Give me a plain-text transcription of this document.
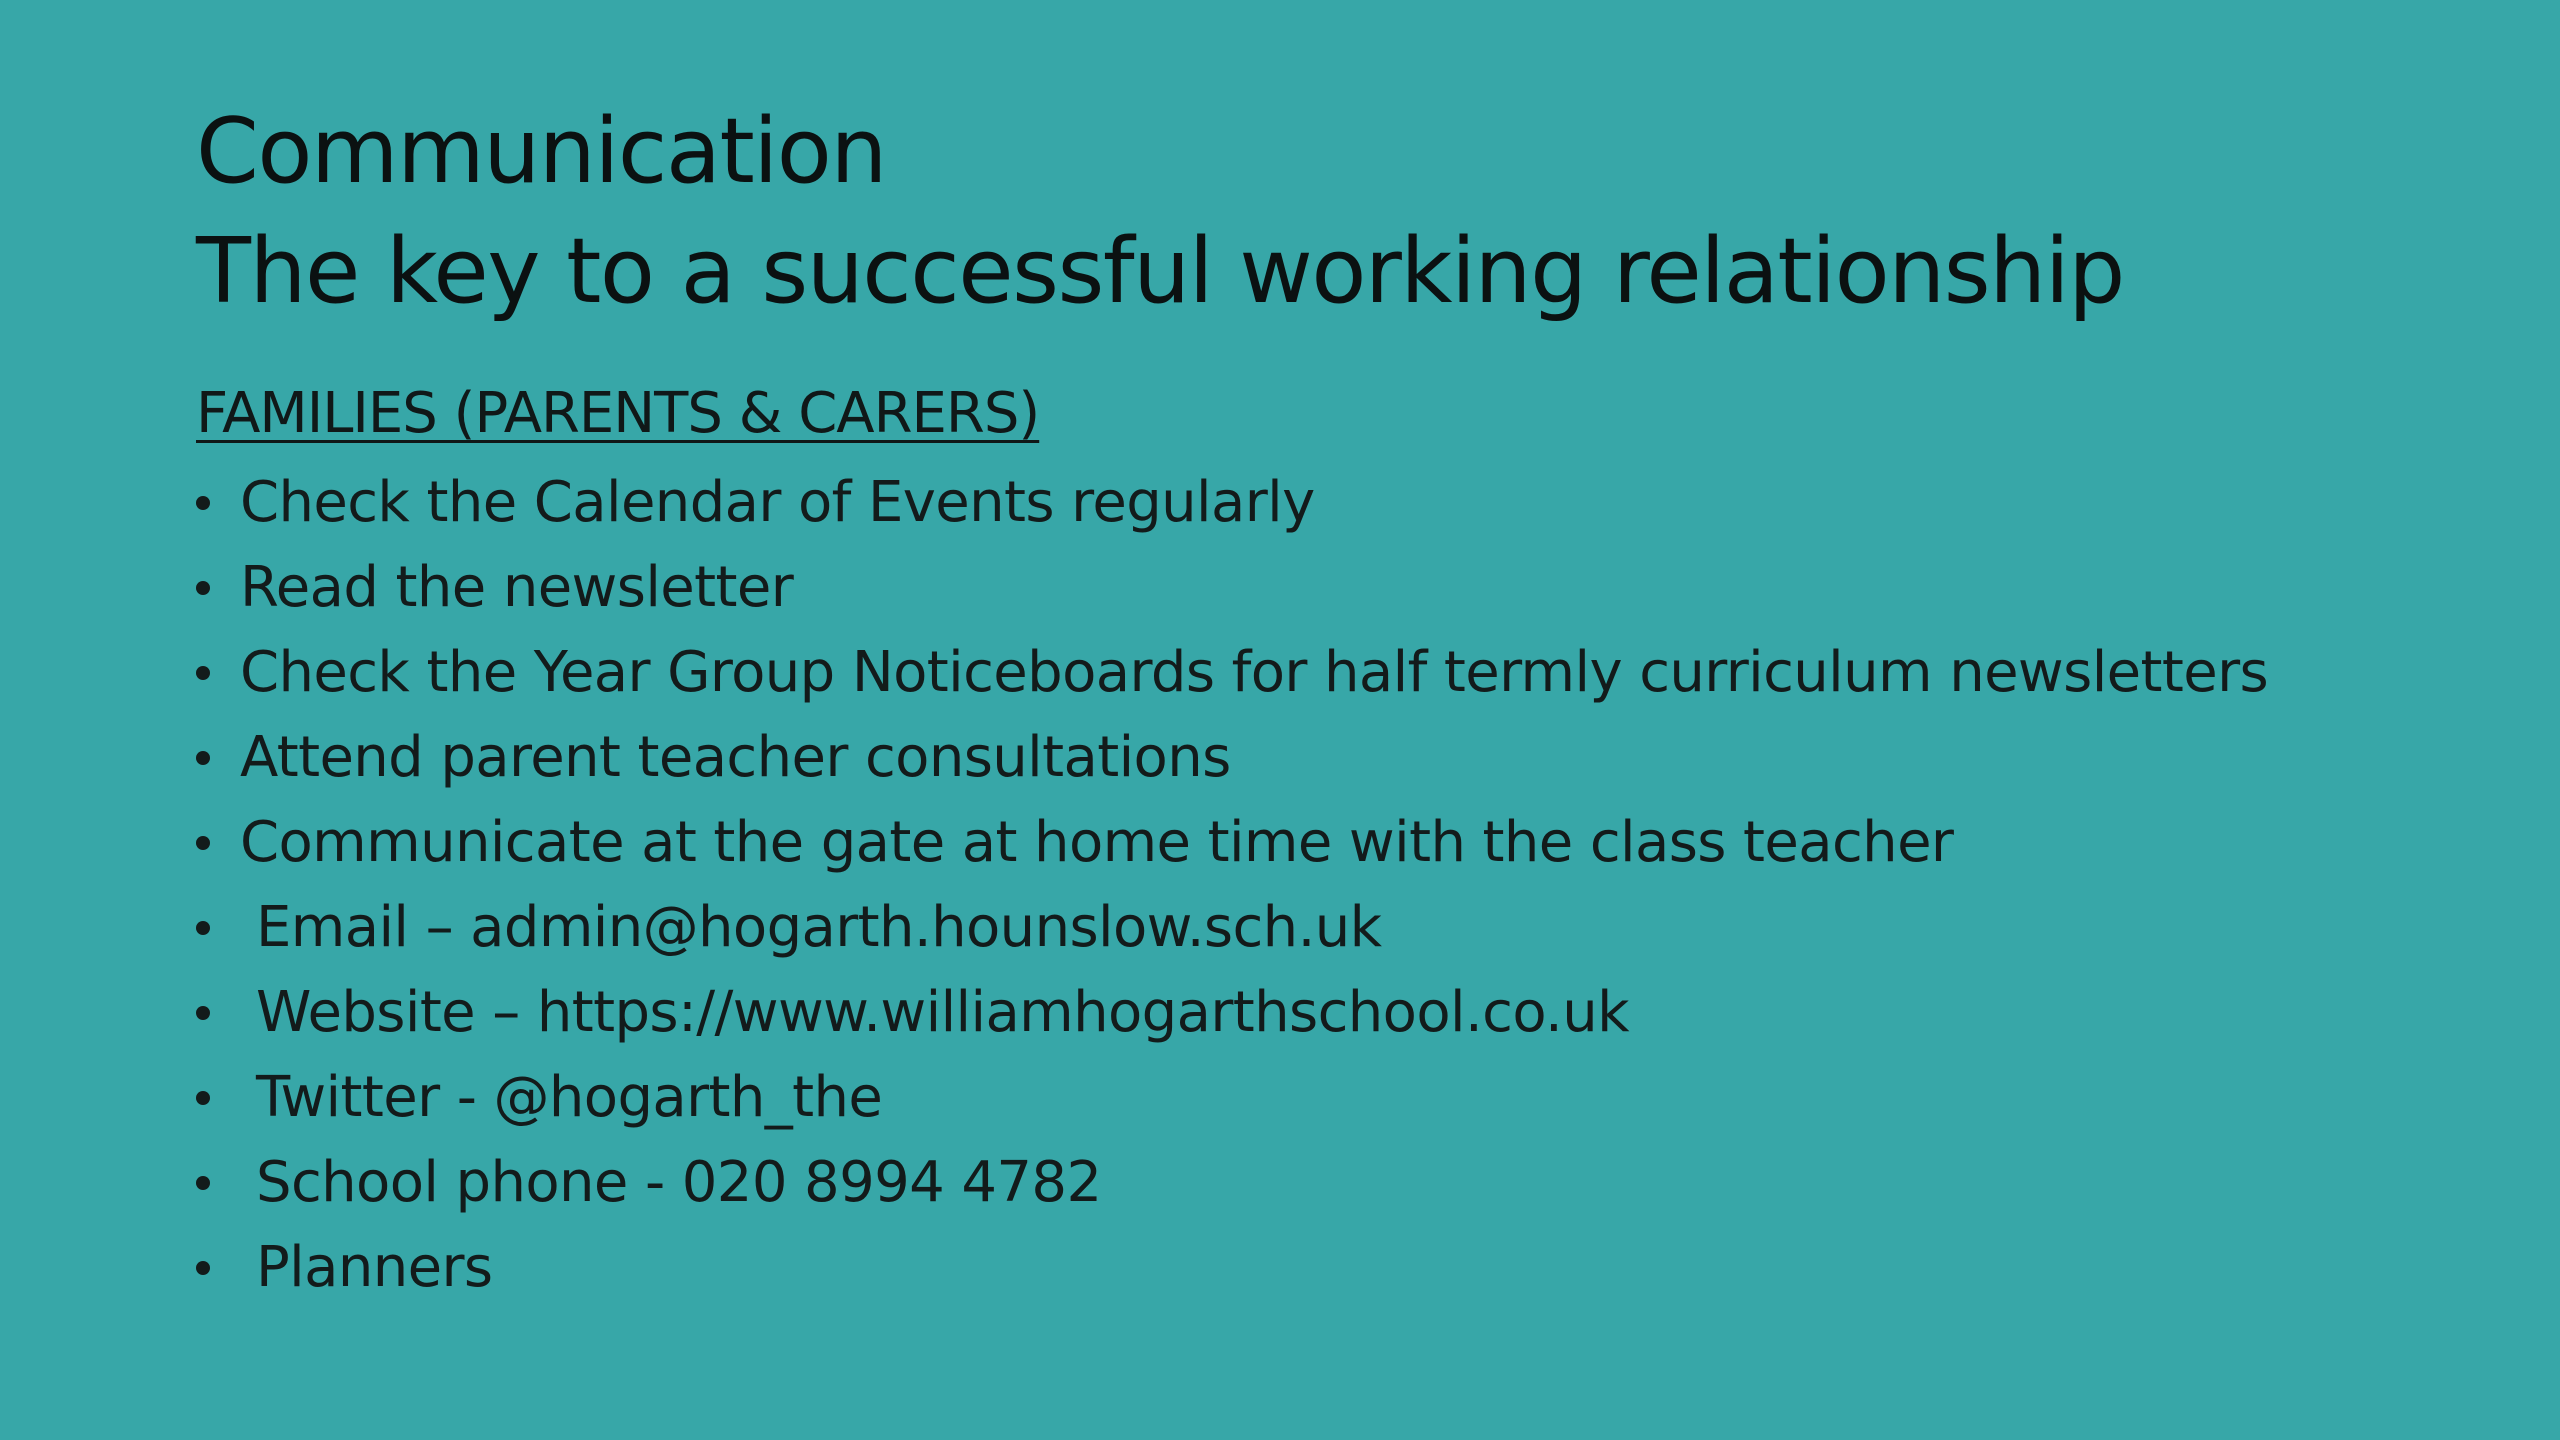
Communication
The key to a successful working relationship
FAMILIES (PARENTS & CARERS)
Check the Calendar of Events regularly
Read the newsletter
Check the Year Group Noticeboards for half termly curriculum newsletters
Attend parent teacher consultations
Communicate at the gate at home time with the class teacher
Email – admin@hogarth.hounslow.sch.uk
Website – https://www.williamhogarthschool.co.uk
Twitter - @hogarth_the
School phone - 020 8994 4782
Planners
